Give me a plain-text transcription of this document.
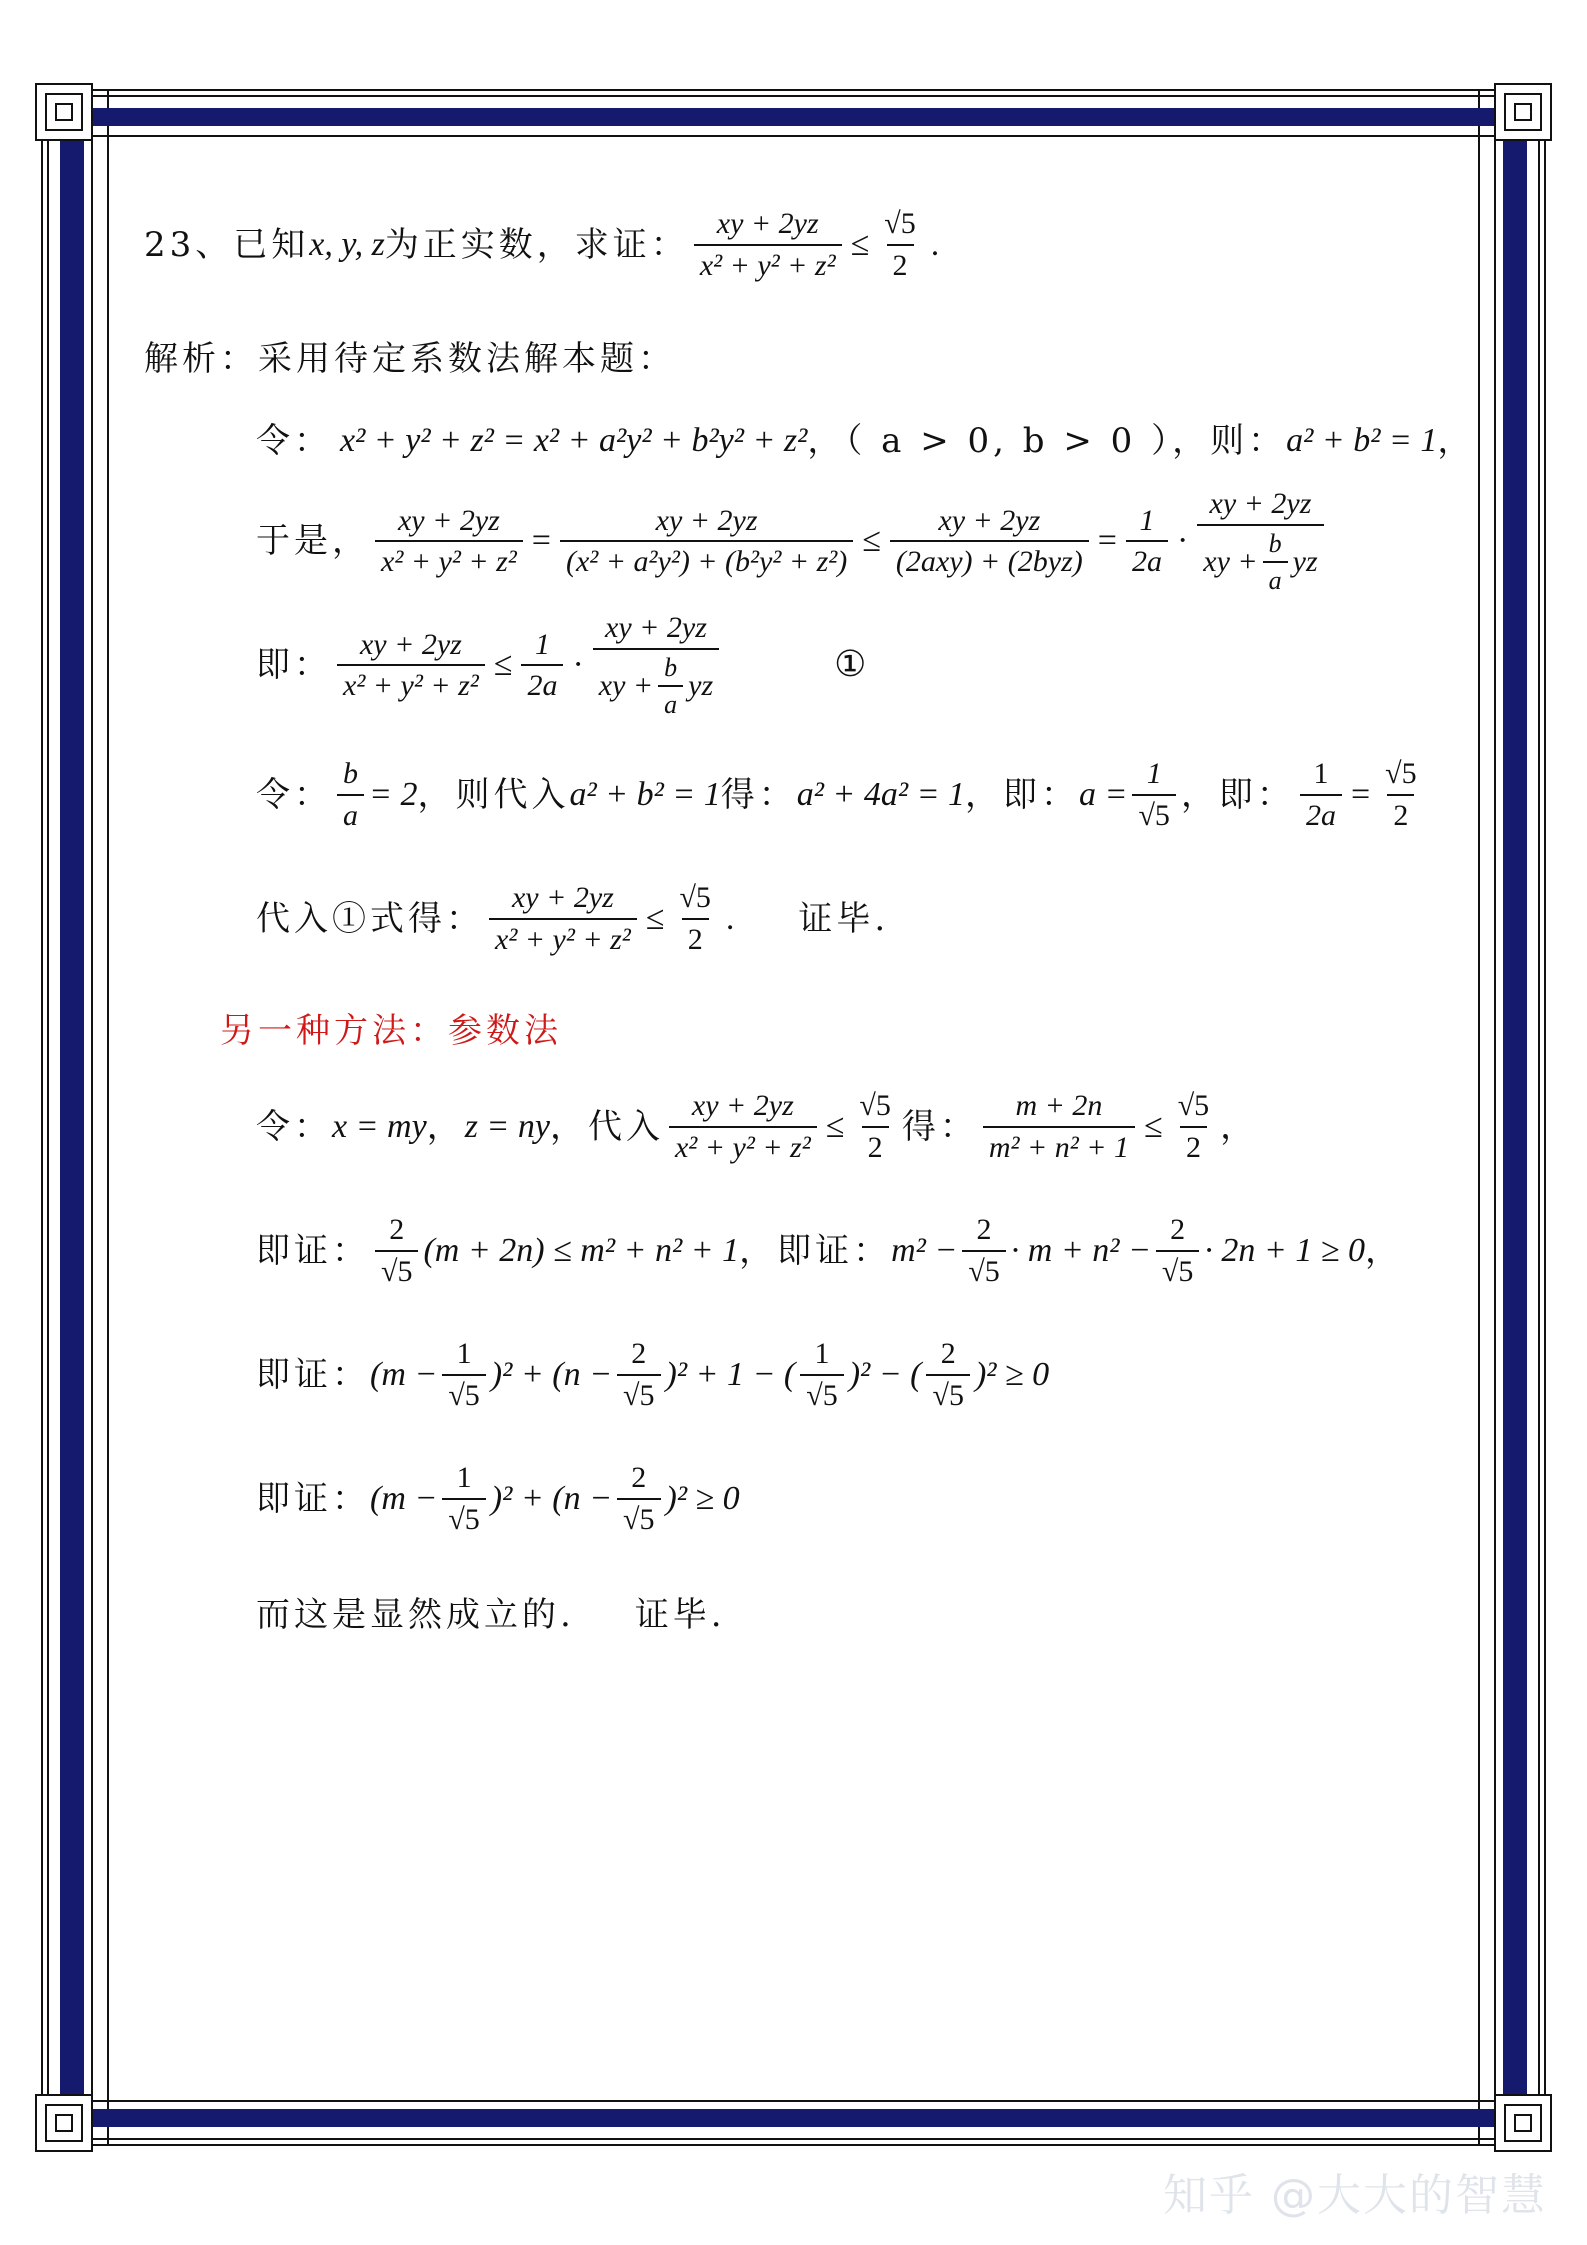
23、已知 x, y, z 为正实数，求证： $\frac{xy + 2yz}{\text{x² + y² + z²}} \le \frac{√5}{2}$ .
解析：采用待定系数法解本题：
令： x² + y² + z² = x² + a²y² + b²y² + z² ，（ a > 0, b > 0 ），则： a² + b² = 1 ，
于是， $\frac{xy + 2yz}{\text{x² + y² + z²}} = \frac{xy + 2yz}{\text{(x² + a²y²) + (b²y² + z²)}} \le \frac{xy + 2yz}{\text{(2axy) + (2byz)}} = \frac{1}{2a}$ ·
xy + 2yz
xy + $\frac{b}{a}$ yz
即： $\frac{xy + 2yz}{\text{x² + y² + z²}} \le \frac{1}{2a}$ ·
xy + 2yz
xy + $\frac{b}{a}$ yz
①
令： $\frac{b}{a} = 2$ ，则代入 a² + b² = 1 得： a² + 4a² = 1 ，即： $a = \frac{1}{√5}$ ，即： $\frac{1}{2a} = \frac{√5}{2}$
代入①式得： $\frac{xy + 2yz}{\text{x² + y² + z²}} \le \frac{√5}{2}$ . 证毕.
另一种方法：参数法
令： x = my ， z = ny ，代入 $\frac{xy + 2yz}{\text{x² + y² + z²}} \le \frac{√5}{2}$ 得： $\frac{m + 2n}{\text{m² + n² + 1}} \le \frac{√5}{2}$ ，
即证： $\frac{2}{√5} (m + 2n) \le m^2 + n^2 + 1$ ，即证： $m^2 - \frac{2}{√5} \cdot m + n^2 - \frac{2}{√5} \cdot 2n + 1 \ge 0$ ，
即证： $(m - \frac{1}{√5} )^2 + (n - \frac{2}{√5} )^2 + 1$ − ( $\frac{1}{√5} )^2$ − ( $\frac{2}{√5} )^2 \ge 0$
即证： $(m - \frac{1}{√5} )^2 + (n - \frac{2}{√5} )^2 \ge 0$
而这是显然成立的. 证毕.
知乎 @大大的智慧
